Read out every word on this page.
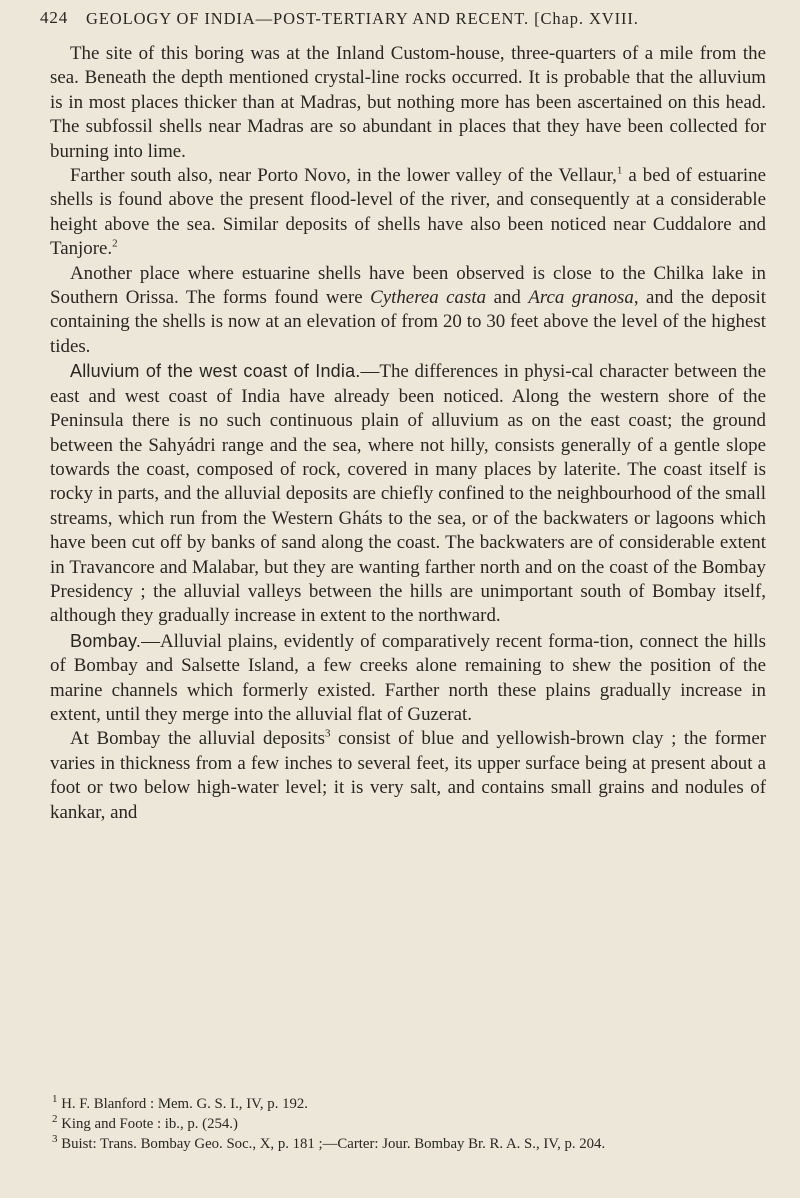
424 GEOLOGY OF INDIA—POST-TERTIARY AND RECENT. [Chap. XVIII.

The site of this boring was at the Inland Custom-house, three-quarters of a mile from the sea. Beneath the depth mentioned crystal-line rocks occurred. It is probable that the alluvium is in most places thicker than at Madras, but nothing more has been ascertained on this head. The subfossil shells near Madras are so abundant in places that they have been collected for burning into lime.

Farther south also, near Porto Novo, in the lower valley of the Vellaur,$^1$ a bed of estuarine shells is found above the present flood-level of the river, and consequently at a considerable height above the sea. Similar deposits of shells have also been noticed near Cuddalore and Tanjore.$^2$

Another place where estuarine shells have been observed is close to the Chilka lake in Southern Orissa. The forms found were Cytherea casta and Arca granosa, and the deposit containing the shells is now at an elevation of from 20 to 30 feet above the level of the highest tides.

Alluvium of the west coast of India.—The differences in physi-cal character between the east and west coast of India have already been noticed. Along the western shore of the Peninsula there is no such continuous plain of alluvium as on the east coast; the ground between the Sahyádri range and the sea, where not hilly, consists generally of a gentle slope towards the coast, composed of rock, covered in many places by laterite. The coast itself is rocky in parts, and the alluvial deposits are chiefly confined to the neighbourhood of the small streams, which run from the Western Gháts to the sea, or of the backwaters or lagoons which have been cut off by banks of sand along the coast. The backwaters are of considerable extent in Travancore and Malabar, but they are wanting farther north and on the coast of the Bombay Presidency ; the alluvial valleys between the hills are unimportant south of Bombay itself, although they gradually increase in extent to the northward.

Bombay.—Alluvial plains, evidently of comparatively recent forma-tion, connect the hills of Bombay and Salsette Island, a few creeks alone remaining to shew the position of the marine channels which formerly existed. Farther north these plains gradually increase in extent, until they merge into the alluvial flat of Guzerat.

At Bombay the alluvial deposits$^3$ consist of blue and yellowish-brown clay ; the former varies in thickness from a few inches to several feet, its upper surface being at present about a foot or two below high-water level; it is very salt, and contains small grains and nodules of kankar, and

$^1$ H. F. Blanford : Mem. G. S. I., IV, p. 192.

$^2$ King and Foote : ib., p. (254.)

$^3$ Buist: Trans. Bombay Geo. Soc., X, p. 181 ;—Carter: Jour. Bombay Br. R. A. S., IV, p. 204.
